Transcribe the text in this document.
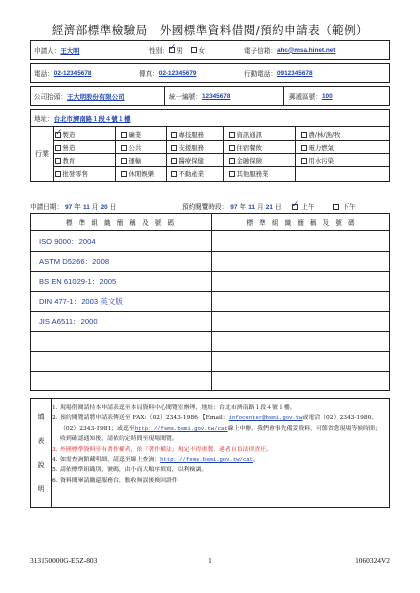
經濟部標準檢驗局　外國標準資料借閱/預約申請表（範例）
申請人： 王大明	性別： ✓ 男 女	電子信箱： ahc@msa.hinet.net
電話： 02-12345678	傳真： 02-12345679	行動電話： 0912345678
公司抬頭： 王大明股份有限公司	統一編號： 12345678	郵遞區號： 100
地址： 台北市濟南路１段４號１樓
行業
✓
製造	礦業	專技服務	資訊通訊	農/林/漁/牧
營造	公共	支援服務	住宿餐飲	電力燃氣
教育	運輸	醫療保健	金融保險	用水污染
批發零售	休閒娛樂	不動產業	其他服務業
申請日期： 97 年 11 月 20 日	預約閱覽時段： 97 年 11 月 21 日 ✓	上午	下午
標 準 組 織 簡 稱 及 號 碼	標 準 組 織 簡 稱 及 號 碼
ISO 9000：2004
ASTM D5266：2008
BS EN 61029-1：2005
DIN 477-1：2003 英文版
JIS A6511：2000
填
表
說
明
1. 現場借閱請持本申請表逕至本局資料中心閱覽室辦理，地址：台北市濟南路１段４號１樓。
2. 預約閱覽請將申請表傳送至 FAX:（02）2343-1986 【Email：infocenter@bsmi.gov.tw或電洽（02）2343-1980、（02）2343-1981；或逕至http：//fsms.bsmi.gov.tw/cat線上申辦，我們會事先備妥資料，可節省您現場等候時間；收到確認通知後，請依約定時間至現場閱覽。
3. 外國標準資料享有著作權者，依「著作權法」規定不得重製，違者自負法律責任。
4. 如需查詢館藏明細，請逕至線上查詢：http：//fsms.bsmi.gov.tw/cat。
5. 請依標準組織別、號碼，由小而大順序填寫，以利檢調。
6. 資料閱畢請繳還服務台，點收無誤後換回證件
313150000G-E5Z-803	1	1060324V2
